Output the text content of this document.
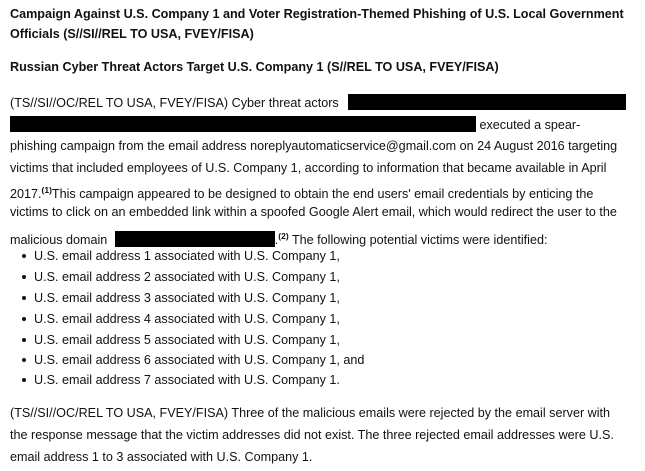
Campaign Against U.S. Company 1 and Voter Registration-Themed Phishing of U.S. Local Government
Officials (S//SI//REL TO USA, FVEY/FISA)
Russian Cyber Threat Actors Target U.S. Company 1 (S//REL TO USA, FVEY/FISA)
(TS//SI//OC/REL TO USA, FVEY/FISA) Cyber threat actors
executed a spear-
phishing campaign from the email address noreplyautomaticservice@gmail.com on 24 August 2016 targeting
victims that included employees of U.S. Company 1, according to information that became available in April
2017.$^{(1)}$This campaign appeared to be designed to obtain the end users' email credentials by enticing the
victims to click on an embedded link within a spoofed Google Alert email, which would redirect the user to the
malicious domain	.$^{(2)}$ The following potential victims were identified:
U.S. email address 1 associated with U.S. Company 1,
U.S. email address 2 associated with U.S. Company 1,
U.S. email address 3 associated with U.S. Company 1,
U.S. email address 4 associated with U.S. Company 1,
U.S. email address 5 associated with U.S. Company 1,
U.S. email address 6 associated with U.S. Company 1, and
U.S. email address 7 associated with U.S. Company 1.
(TS//SI//OC/REL TO USA, FVEY/FISA) Three of the malicious emails were rejected by the email server with
the response message that the victim addresses did not exist. The three rejected email addresses were U.S.
email address 1 to 3 associated with U.S. Company 1.
